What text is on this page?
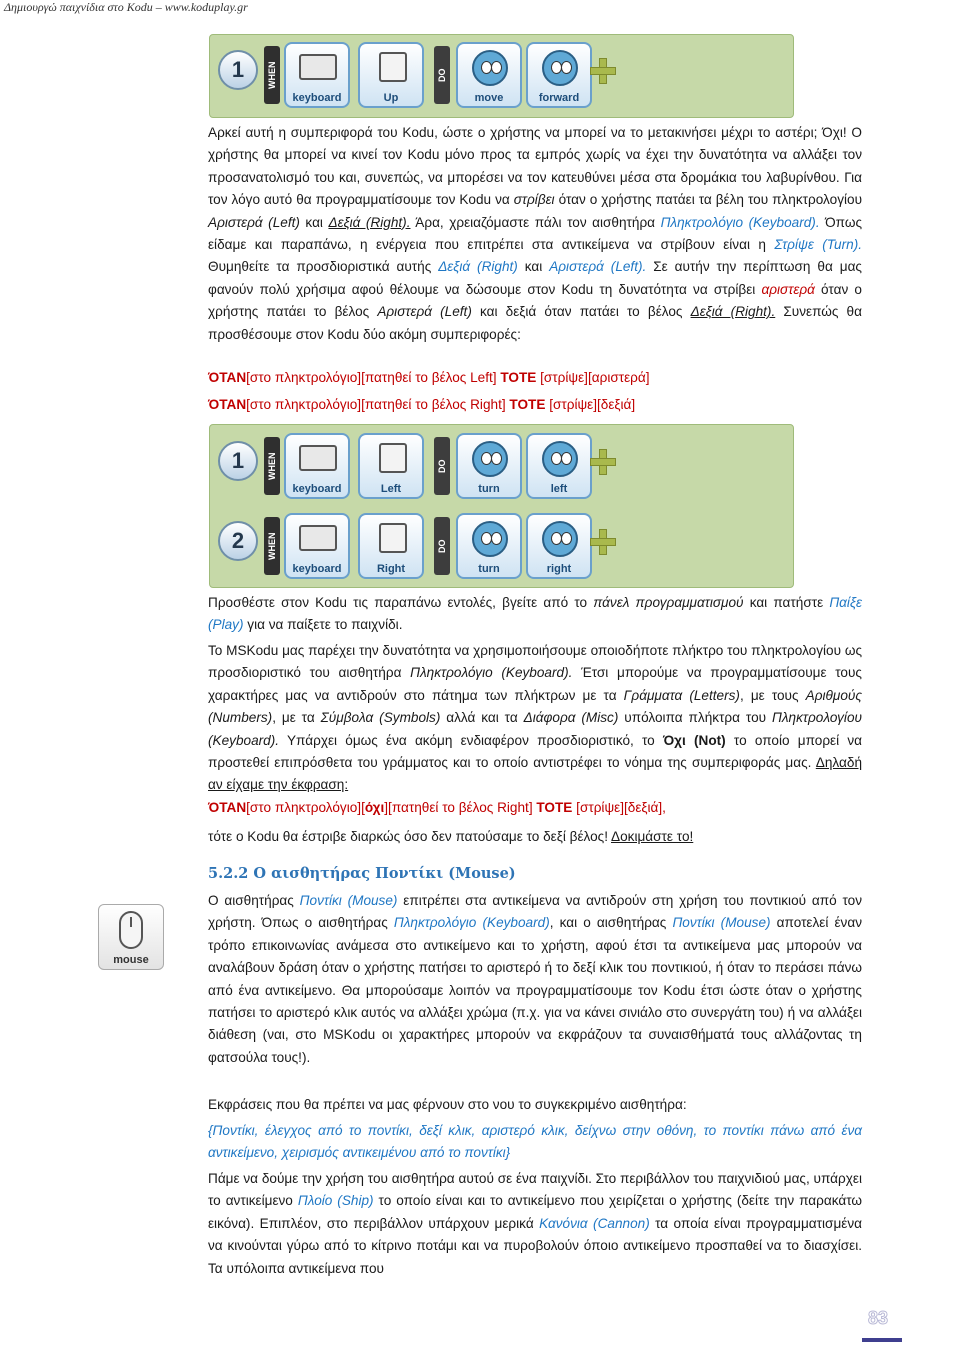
Δημιουργώ παιχνίδια στο Kodu – www.koduplay.gr
1	WHEN
keyboard	Up
DO
move	forward

Αρκεί αυτή η συμπεριφορά του Kodu, ώστε ο χρήστης να μπορεί να το μετακινήσει μέχρι το αστέρι; Όχι! Ο χρήστης θα μπορεί να κινεί τον Kodu μόνο προς τα εμπρός χωρίς να έχει την δυνατότητα να αλλάξει τον προσανατολισμό του και, συνεπώς, να μπορέσει να τον κατευθύνει μέσα στα δρομάκια του λαβυρίνθου. Για τον λόγο αυτό θα προγραμματίσουμε τον Kodu να στρίβει όταν ο χρήστης πατάει τα βέλη του πληκτρολογίου Αριστερά (Left) και Δεξιά (Right). Άρα, χρειαζόμαστε πάλι τον αισθητήρα Πληκτρολόγιο (Keyboard). Όπως είδαμε και παραπάνω, η ενέργεια που επιτρέπει στα αντικείμενα να στρίβουν είναι η Στρίψε (Turn). Θυμηθείτε τα προσδιοριστικά αυτής Δεξιά (Right) και Αριστερά (Left). Σε αυτήν την περίπτωση θα μας φανούν πολύ χρήσιμα αφού θέλουμε να δώσουμε στον Kodu τη δυνατότητα να στρίβει αριστερά όταν ο χρήστης πατάει το βέλος Αριστερά (Left) και δεξιά όταν πατάει το βέλος Δεξιά (Right). Συνεπώς θα προσθέσουμε στον Kodu δύο ακόμη συμπεριφορές:

ΌΤΑΝ[στο πληκτρολόγιο][πατηθεί το βέλος Left] ΤΟΤΕ [στρίψε][αριστερά]
ΌΤΑΝ[στο πληκτρολόγιο][πατηθεί το βέλος Right] ΤΟΤΕ [στρίψε][δεξιά]
1	WHEN
keyboard	Left
DO
turn	left
2	WHEN
keyboard	Right
DO
turn	right

Προσθέστε στον Kodu τις παραπάνω εντολές, βγείτε από το πάνελ προγραμματισμού και πατήστε Παίξε (Play) για να παίξετε το παιχνίδι.

Το MSKodu μας παρέχει την δυνατότητα να χρησιμοποιήσουμε οποιοδήποτε πλήκτρο του πληκτρολογίου ως προσδιοριστικό του αισθητήρα Πληκτρολόγιο (Keyboard). Έτσι μπορούμε να προγραμματίσουμε τους χαρακτήρες μας να αντιδρούν στο πάτημα των πλήκτρων με τα Γράμματα (Letters), με τους Αριθμούς (Numbers), με τα Σύμβολα (Symbols) αλλά και τα Διάφορα (Misc) υπόλοιπα πλήκτρα του Πληκτρολογίου (Keyboard). Υπάρχει όμως ένα ακόμη ενδιαφέρον προσδιοριστικό, το Όχι (Not) το οποίο μπορεί να προστεθεί επιπρόσθετα του γράμματος και το οποίο αντιστρέφει το νόημα της συμπεριφοράς μας. Δηλαδή αν είχαμε την έκφραση:

ΌΤΑΝ[στο πληκτρολόγιο][όχι][πατηθεί το βέλος Right] ΤΟΤΕ [στρίψε][δεξιά],

τότε ο Kodu θα έστριβε διαρκώς όσο δεν πατούσαμε το δεξί βέλος! Δοκιμάστε το!

5.2.2 Ο αισθητήρας Ποντίκι (Mouse)
mouse

Ο αισθητήρας Ποντίκι (Mouse) επιτρέπει στα αντικείμενα να αντιδρούν στη χρήση του ποντικιού από τον χρήστη. Όπως ο αισθητήρας Πληκτρολόγιο (Keyboard), και ο αισθητήρας Ποντίκι (Mouse) αποτελεί έναν τρόπο επικοινωνίας ανάμεσα στο αντικείμενο και το χρήστη, αφού έτσι τα αντικείμενα μας μπορούν να αναλάβουν δράση όταν ο χρήστης πατήσει το αριστερό ή το δεξί κλικ του ποντικιού, ή όταν το περάσει πάνω από ένα αντικείμενο. Θα μπορούσαμε λοιπόν να προγραμματίσουμε τον Kodu έτσι ώστε όταν ο χρήστης πατήσει το αριστερό κλικ αυτός να αλλάξει χρώμα (π.χ. για να κάνει σινιάλο στο συνεργάτη του) ή να αλλάξει διάθεση (ναι, στο MSKodu οι χαρακτήρες μπορούν να εκφράζουν τα συναισθήματά τους αλλάζοντας τη φατσούλα τους!).

Εκφράσεις που θα πρέπει να μας φέρνουν στο νου το συγκεκριμένο αισθητήρα:

{Ποντίκι, έλεγχος από το ποντίκι, δεξί κλικ, αριστερό κλικ, δείχνω στην οθόνη, το ποντίκι πάνω από ένα αντικείμενο, χειρισμός αντικειμένου από το ποντίκι}

Πάμε να δούμε την χρήση του αισθητήρα αυτού σε ένα παιχνίδι. Στο περιβάλλον του παιχνιδιού μας, υπάρχει το αντικείμενο Πλοίο (Ship) το οποίο είναι και το αντικείμενο που χειρίζεται ο χρήστης (δείτε την παρακάτω εικόνα). Επιπλέον, στο περιβάλλον υπάρχουν μερικά Κανόνια (Cannon) τα οποία είναι προγραμματισμένα να κινούνται γύρω από το κίτρινο ποτάμι και να πυροβολούν όποιο αντικείμενο προσπαθεί να το διασχίσει. Τα υπόλοιπα αντικείμενα που

83
